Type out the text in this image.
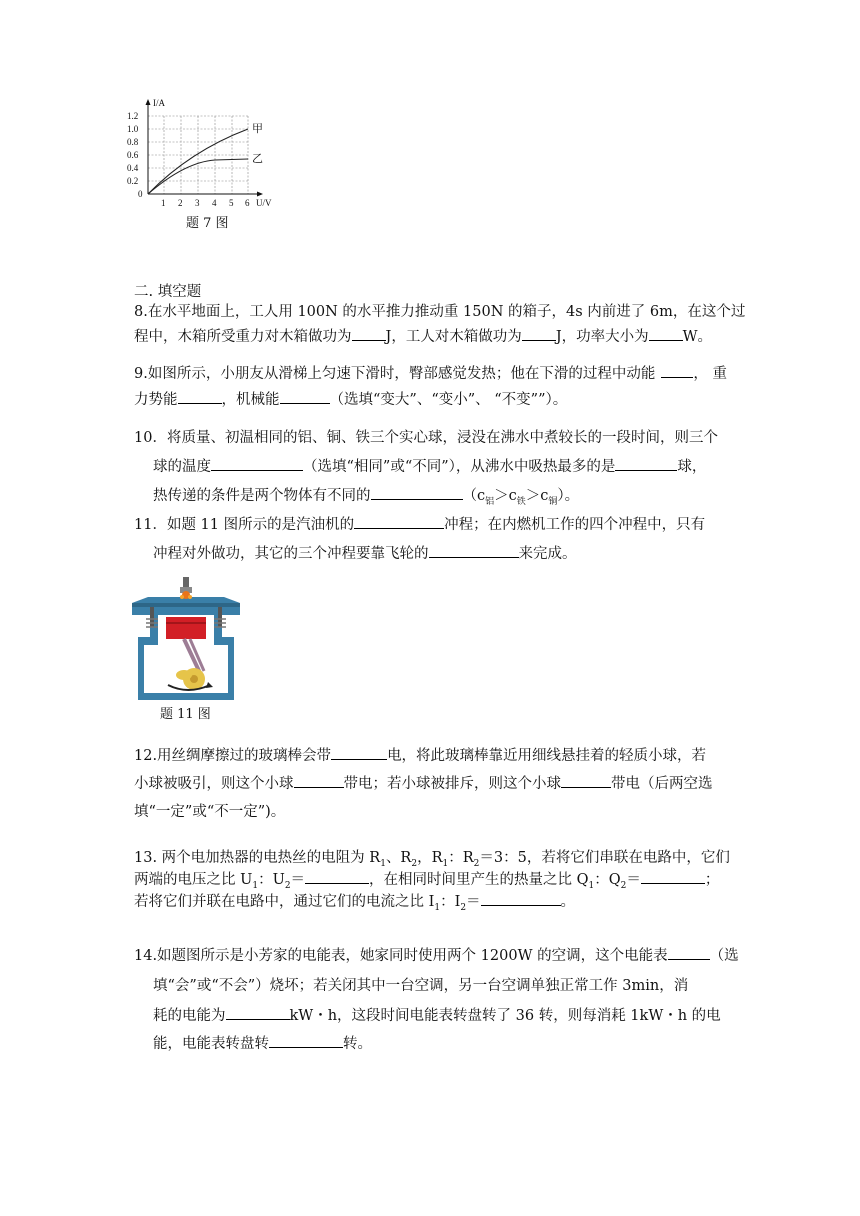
I/A
U/V
1.2
1.0
0.8
0.6
0.4
0.2
0
1 2 3 4 5 6
甲
乙
题 7 图
二. 填空题
8.在水平地面上，工人用 100N 的水平推力推动重 150N 的箱子，4s 内前进了 6m，在这个过
程中，木箱所受重力对木箱做功为 J，工人对木箱做功为 J，功率大小为 W。
9.如图所示，小朋友从滑梯上匀速下滑时，臀部感觉发热；他在下滑的过程中动能	， 重
力势能	，机械能	（选填“变大”、“变小”、 “不变””）。
10．将质量、初温相同的铝、铜、铁三个实心球，浸没在沸水中煮较长的一段时间，则三个
球的温度	（选填“相同”或“不同”），从沸水中吸热最多的是	球，
热传递的条件是两个物体有不同的	$(c_铝>c_铁>c_铜)$。
11．如题 11 图所示的是汽油机的	冲程；在内燃机工作的四个冲程中，只有
冲程对外做功，其它的三个冲程要靠飞轮的	来完成。
题 11 图
12.用丝绸摩擦过的玻璃棒会带	电，将此玻璃棒靠近用细线悬挂着的轻质小球，若
小球被吸引，则这个小球	带电；若小球被排斥，则这个小球	带电（后两空选
填“一定”或“不一定”)。
13. 两个电加热器的电热丝的电阻为 $R_1$、$R_2$，$R_1$：$R_2=3$：5，若将它们串联在电路中，它们
两端的电压之比 $U_1$：$U_2=$	，在相同时间里产生的热量之比 $Q_1$：$Q_2=$	；
若将它们并联在电路中，通过它们的电流之比 $I_1$：$I_2=$	。
14.如题图所示是小芳家的电能表，她家同时使用两个 1200W 的空调，这个电能表	（选
填“会”或“不会”）烧坏；若关闭其中一台空调，另一台空调单独正常工作 3min，消
耗的电能为	kW・h，这段时间电能表转盘转了 36 转，则每消耗 1kW・h 的电
能，电能表转盘转	转。
